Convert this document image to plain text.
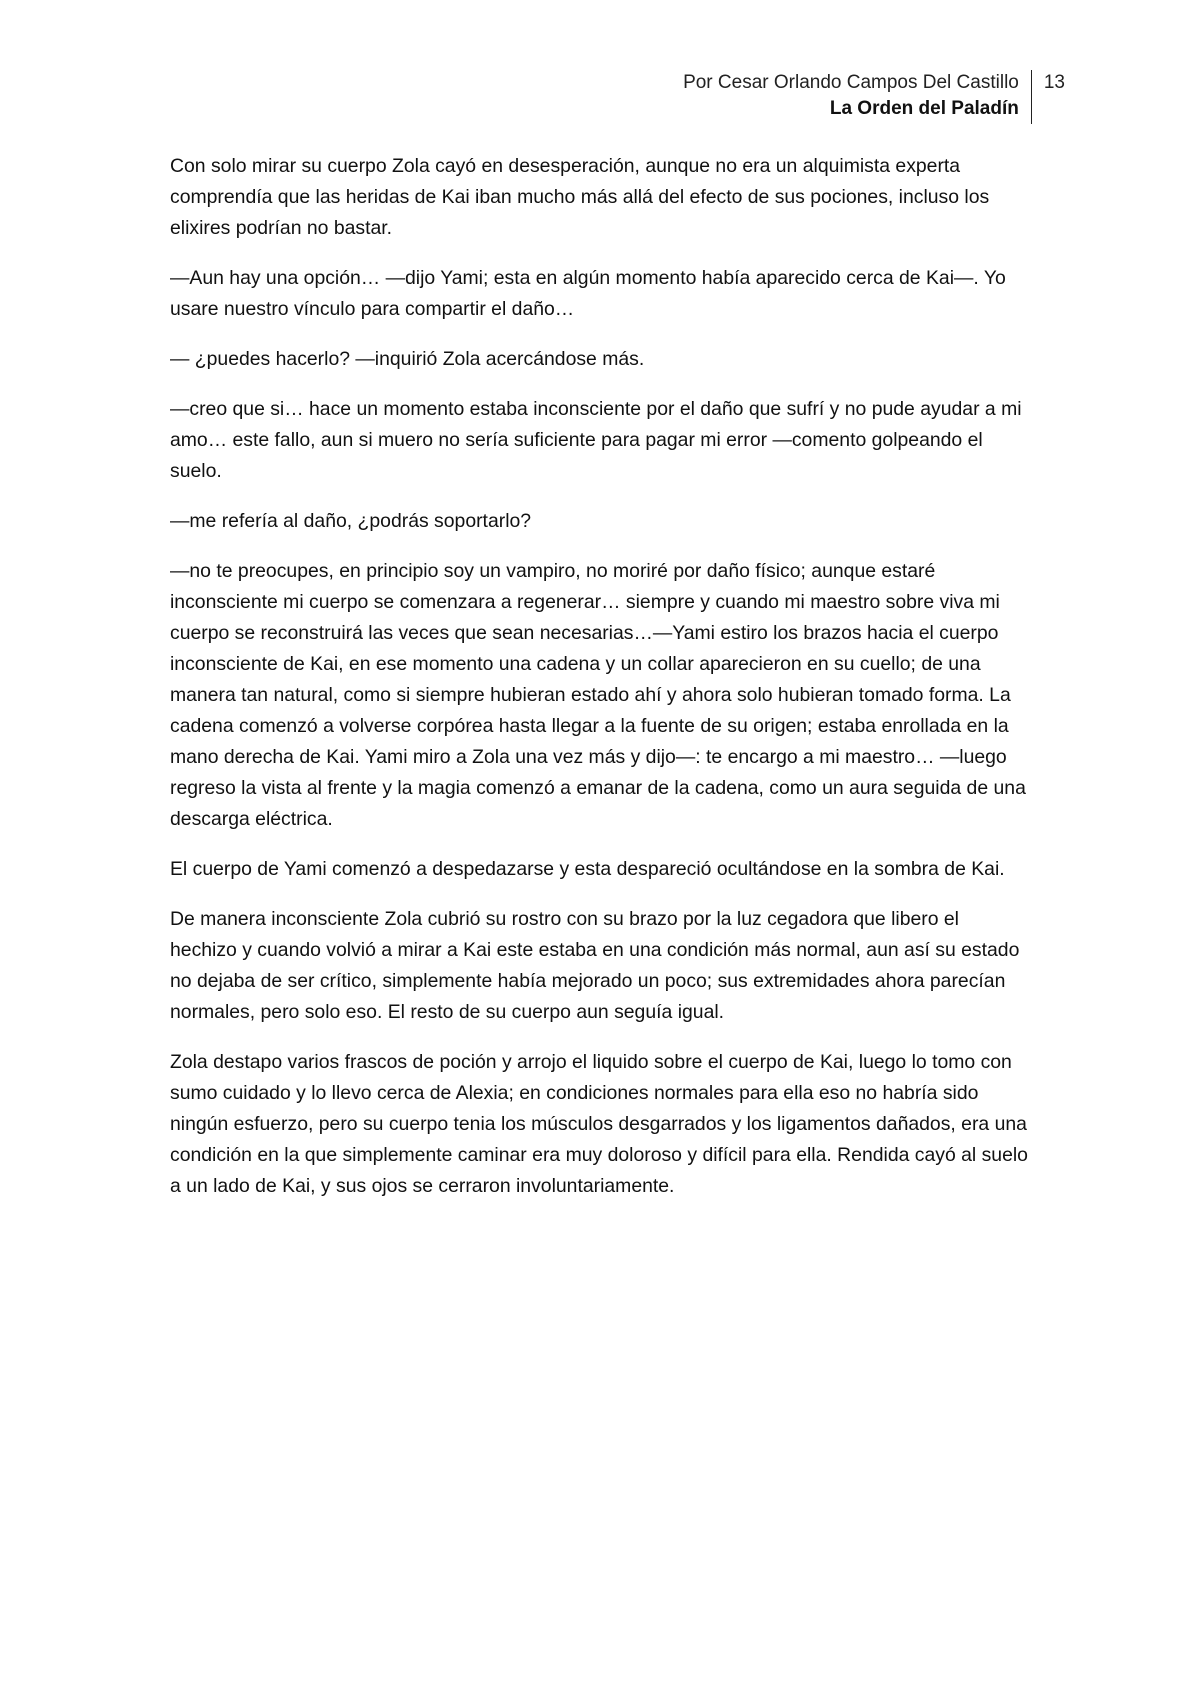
Por Cesar Orlando Campos Del Castillo
La Orden del Paladín
13

Con solo mirar su cuerpo Zola cayó en desesperación, aunque no era un alquimista experta comprendía que las heridas de Kai iban mucho más allá del efecto de sus pociones, incluso los elixires podrían no bastar.

—Aun hay una opción… —dijo Yami; esta en algún momento había aparecido cerca de Kai—. Yo usare nuestro vínculo para compartir el daño…

— ¿puedes hacerlo? —inquirió Zola acercándose más.

—creo que si… hace un momento estaba inconsciente por el daño que sufrí y no pude ayudar a mi amo… este fallo, aun si muero no sería suficiente para pagar mi error —comento golpeando el suelo.

—me refería al daño, ¿podrás soportarlo?

—no te preocupes, en principio soy un vampiro, no moriré por daño físico; aunque estaré inconsciente mi cuerpo se comenzara a regenerar… siempre y cuando mi maestro sobre viva mi cuerpo se reconstruirá las veces que sean necesarias…—Yami estiro los brazos hacia el cuerpo inconsciente de Kai, en ese momento una cadena y un collar aparecieron en su cuello; de una manera tan natural, como si siempre hubieran estado ahí y ahora solo hubieran tomado forma. La cadena comenzó a volverse corpórea hasta llegar a la fuente de su origen; estaba enrollada en la mano derecha de Kai. Yami miro a Zola una vez más y dijo—: te encargo a mi maestro… —luego regreso la vista al frente y la magia comenzó a emanar de la cadena, como un aura seguida de una descarga eléctrica.

El cuerpo de Yami comenzó a despedazarse y esta despareció ocultándose en la sombra de Kai.

De manera inconsciente Zola cubrió su rostro con su brazo por la luz cegadora que libero el hechizo y cuando volvió a mirar a Kai este estaba en una condición más normal, aun así su estado no dejaba de ser crítico, simplemente había mejorado un poco; sus extremidades ahora parecían normales, pero solo eso. El resto de su cuerpo aun seguía igual.

Zola destapo varios frascos de poción y arrojo el liquido sobre el cuerpo de Kai, luego lo tomo con sumo cuidado y lo llevo cerca de Alexia; en condiciones normales para ella eso no habría sido ningún esfuerzo, pero su cuerpo tenia los músculos desgarrados y los ligamentos dañados, era una condición en la que simplemente caminar era muy doloroso y difícil para ella. Rendida cayó al suelo a un lado de Kai, y sus ojos se cerraron involuntariamente.
